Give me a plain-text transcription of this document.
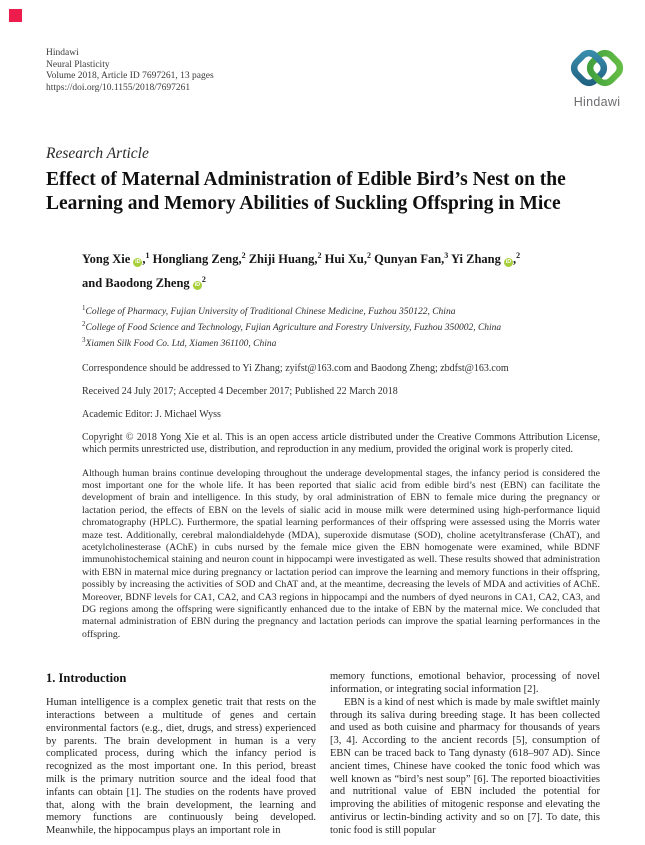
Hindawi
Neural Plasticity
Volume 2018, Article ID 7697261, 13 pages
https://doi.org/10.1155/2018/7697261
Hindawi
Research Article
Effect of Maternal Administration of Edible Bird’s Nest on the
Learning and Memory Abilities of Suckling Offspring in Mice
Yong Xie iD ,$^1$ Hongliang Zeng,$^2$ Zhiji Huang,$^2$ Hui Xu,$^2$ Qunyan Fan,$^3$ Yi Zhang iD ,$^2$
and Baodong Zheng $iD^2$
$^1$College of Pharmacy, Fujian University of Traditional Chinese Medicine, Fuzhou 350122, China
$^2$College of Food Science and Technology, Fujian Agriculture and Forestry University, Fuzhou 350002, China
$^3$Xiamen Silk Food Co. Ltd, Xiamen 361100, China

Correspondence should be addressed to Yi Zhang; zyifst@163.com and Baodong Zheng; zbdfst@163.com

Received 24 July 2017; Accepted 4 December 2017; Published 22 March 2018

Academic Editor: J. Michael Wyss

Copyright © 2018 Yong Xie et al. This is an open access article distributed under the Creative Commons Attribution License, which permits unrestricted use, distribution, and reproduction in any medium, provided the original work is properly cited.

Although human brains continue developing throughout the underage developmental stages, the infancy period is considered the most important one for the whole life. It has been reported that sialic acid from edible bird’s nest (EBN) can facilitate the development of brain and intelligence. In this study, by oral administration of EBN to female mice during the pregnancy or lactation period, the effects of EBN on the levels of sialic acid in mouse milk were determined using high-performance liquid chromatography (HPLC). Furthermore, the spatial learning performances of their offspring were assessed using the Morris water maze test. Additionally, cerebral malondialdehyde (MDA), superoxide dismutase (SOD), choline acetyltransferase (ChAT), and acetylcholinesterase (AChE) in cubs nursed by the female mice given the EBN homogenate were examined, while BDNF immunohistochemical staining and neuron count in hippocampi were investigated as well. These results showed that administration with EBN in maternal mice during pregnancy or lactation period can improve the learning and memory functions in their offspring, possibly by increasing the activities of SOD and ChAT and, at the meantime, decreasing the levels of MDA and activities of AChE. Moreover, BDNF levels for CA1, CA2, and CA3 regions in hippocampi and the numbers of dyed neurons in CA1, CA2, CA3, and DG regions among the offspring were significantly enhanced due to the intake of EBN by the maternal mice. We concluded that maternal administration of EBN during the pregnancy and lactation periods can improve the spatial learning performances in the offspring.

1. Introduction

Human intelligence is a complex genetic trait that rests on the interactions between a multitude of genes and certain environmental factors (e.g., diet, drugs, and stress) experienced by parents. The brain development in human is a very complicated process, during which the infancy period is recognized as the most important one. In this period, breast milk is the primary nutrition source and the ideal food that infants can obtain [1]. The studies on the rodents have proved that, along with the brain development, the learning and memory functions are continuously being developed. Meanwhile, the hippocampus plays an important role in

memory functions, emotional behavior, processing of novel information, or integrating social information [2].

EBN is a kind of nest which is made by male swiftlet mainly through its saliva during breeding stage. It has been collected and used as both cuisine and pharmacy for thousands of years [3, 4]. According to the ancient records [5], consumption of EBN can be traced back to Tang dynasty (618–907 AD). Since ancient times, Chinese have cooked the tonic food which was well known as “bird’s nest soup” [6]. The reported bioactivities and nutritional value of EBN included the potential for improving the abilities of mitogenic response and elevating the antivirus or lectin-binding activity and so on [7]. To date, this tonic food is still popular
